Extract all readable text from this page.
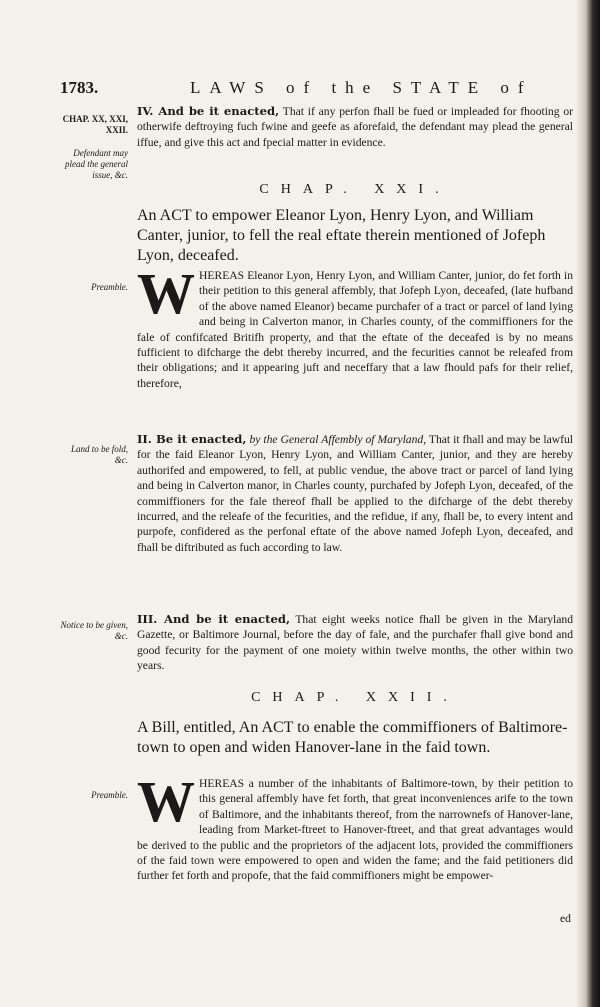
1783.	LAWS of the STATE of
CHAP. XX, XXI, XXII.
Defendant may plead the general issue, &c.
IV. And be it enacted, That if any perfon fhall be fued or impleaded for fhooting or otherwife deftroying fuch fwine and geefe as aforefaid, the defendant may plead the general iffue, and give this act and fpecial matter in evidence.
CHAP. XXI.
An ACT to empower Eleanor Lyon, Henry Lyon, and William Canter, junior, to fell the real eftate therein mentioned of Jofeph Lyon, deceafed.
Preamble. WHEREAS Eleanor Lyon, Henry Lyon, and William Canter, junior, do fet forth in their petition to this general affembly, that Jofeph Lyon, deceafed, (late hufband of the above named Eleanor) became purchafer of a tract or parcel of land lying and being in Calverton manor, in Charles county, of the commiffioners for the fale of confifcated Britifh property, and that the eftate of the deceafed is by no means fufficient to difcharge the debt thereby incurred, and the fecurities cannot be releafed from their obligations; and it appearing juft and neceffary that a law fhould pafs for their relief, therefore,
Land to be fold, &c.
II. Be it enacted, by the General Affembly of Maryland, That it fhall and may be lawful for the faid Eleanor Lyon, Henry Lyon, and William Canter, junior, and they are hereby authorifed and empowered, to fell, at public vendue, the above tract or parcel of land lying and being in Calverton manor, in Charles county, purchafed by Jofeph Lyon, deceafed, of the commiffioners for the fale thereof fhall be applied to the difcharge of the debt thereby incurred, and the releafe of the fecurities, and the refidue, if any, fhall be, to every intent and purpofe, confidered as the perfonal eftate of the above named Jofeph Lyon, deceafed, and fhall be diftributed as fuch according to law.
Notice to be given, &c.
III. And be it enacted, That eight weeks notice fhall be given in the Maryland Gazette, or Baltimore Journal, before the day of fale, and the purchafer fhall give bond and good fecurity for the payment of one moiety within twelve months, the other within two years.
CHAP. XXII.
A Bill, entitled, An ACT to enable the commiffioners of Baltimore-town to open and widen Hanover-lane in the faid town.
Preamble. WHEREAS a number of the inhabitants of Baltimore-town, by their petition to this general affembly have fet forth, that great inconveniences arife to the town of Baltimore, and the inhabitants thereof, from the narrownefs of Hanover-lane, leading from Market-ftreet to Hanover-ftreet, and that great advantages would be derived to the public and the proprietors of the adjacent lots, provided the commiffioners of the faid town were empowered to open and widen the fame; and the faid petitioners did further fet forth and propofe, that the faid commiffioners might be empower-
ed
